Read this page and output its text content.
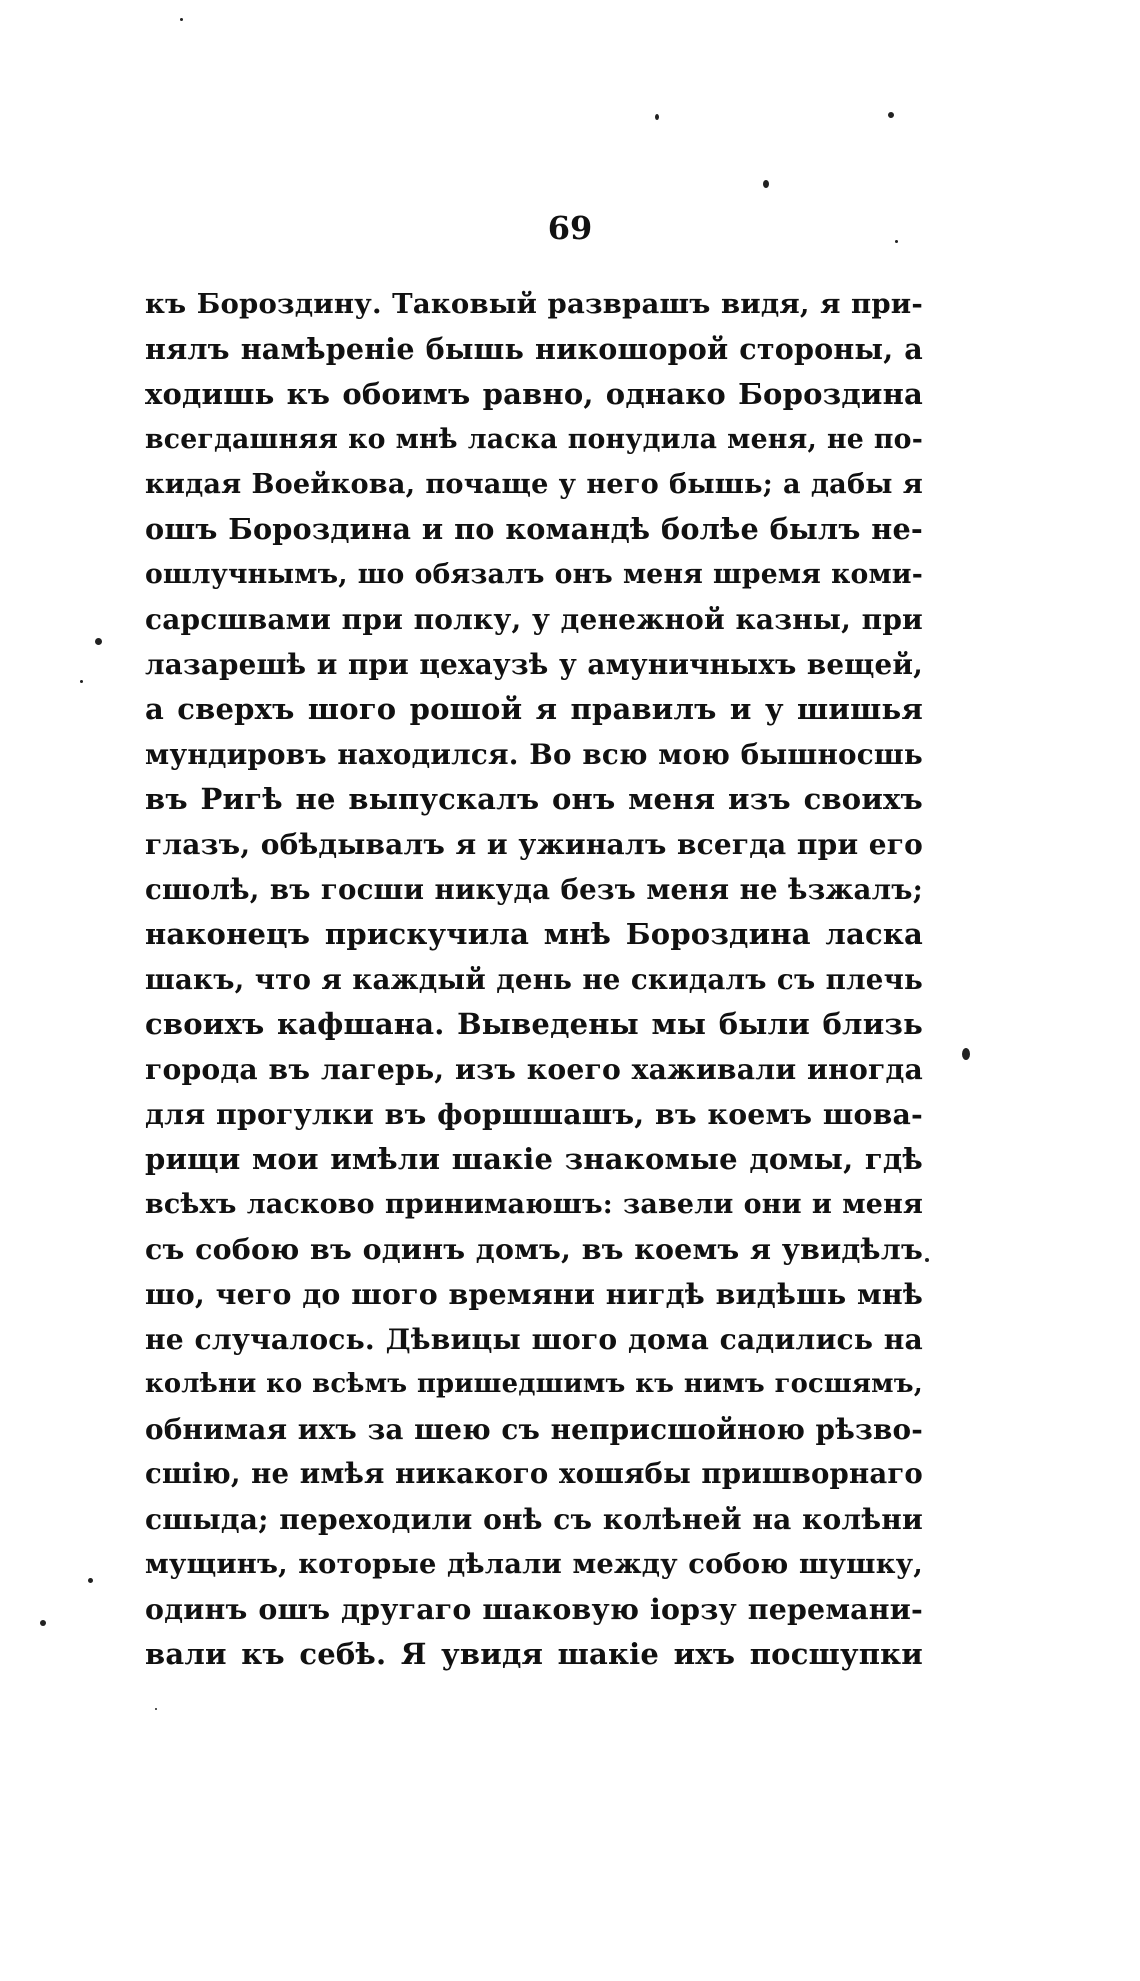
69
къ Бороздину. Таковый разврашъ видя, я при-
нялъ намѣреніе бышь никошорой стороны, а
ходишь къ обоимъ равно, однако Бороздина
всегдашняя ко мнѣ ласка понудила меня, не по-
кидая Воейкова, почаще у него бышь; а дабы я
ошъ Бороздина и по командѣ болѣе былъ не-
ошлучнымъ, шо обязалъ онъ меня шремя коми-
сарсшвами при полку, у денежной казны, при
лазарешѣ и при цехаузѣ у амуничныхъ вещей,
а сверхъ шого рошой я правилъ и у шишья
мундировъ находился. Во всю мою бышносшь
въ Ригѣ не выпускалъ онъ меня изъ своихъ
глазъ, обѣдывалъ я и ужиналъ всегда при его
сшолѣ, въ госши никуда безъ меня не ѣзжалъ;
наконецъ прискучила мнѣ Бороздина ласка
шакъ, что я каждый день не скидалъ съ плечь
своихъ кафшана. Выведены мы были близь
города въ лагерь, изъ коего хаживали иногда
для прогулки въ форшшашъ, въ коемъ шова-
рищи мои имѣли шакіе знакомые домы, гдѣ
всѣхъ ласково принимаюшъ: завели они и меня
съ собою въ одинъ домъ, въ коемъ я увидѣлъ
шо, чего до шого времяни нигдѣ видѣшь мнѣ
не случалось. Дѣвицы шого дома садились на
колѣни ко всѣмъ пришедшимъ къ нимъ госшямъ,
обнимая ихъ за шею съ неприсшойною рѣзво-
сшію, не имѣя никакого хошябы пришворнаго
сшыда; переходили онѣ съ колѣней на колѣни
мущинъ, которые дѣлали между собою шушку,
одинъ ошъ другаго шаковую іорзу перемани-
вали къ себѣ. Я увидя шакіе ихъ посшупки
